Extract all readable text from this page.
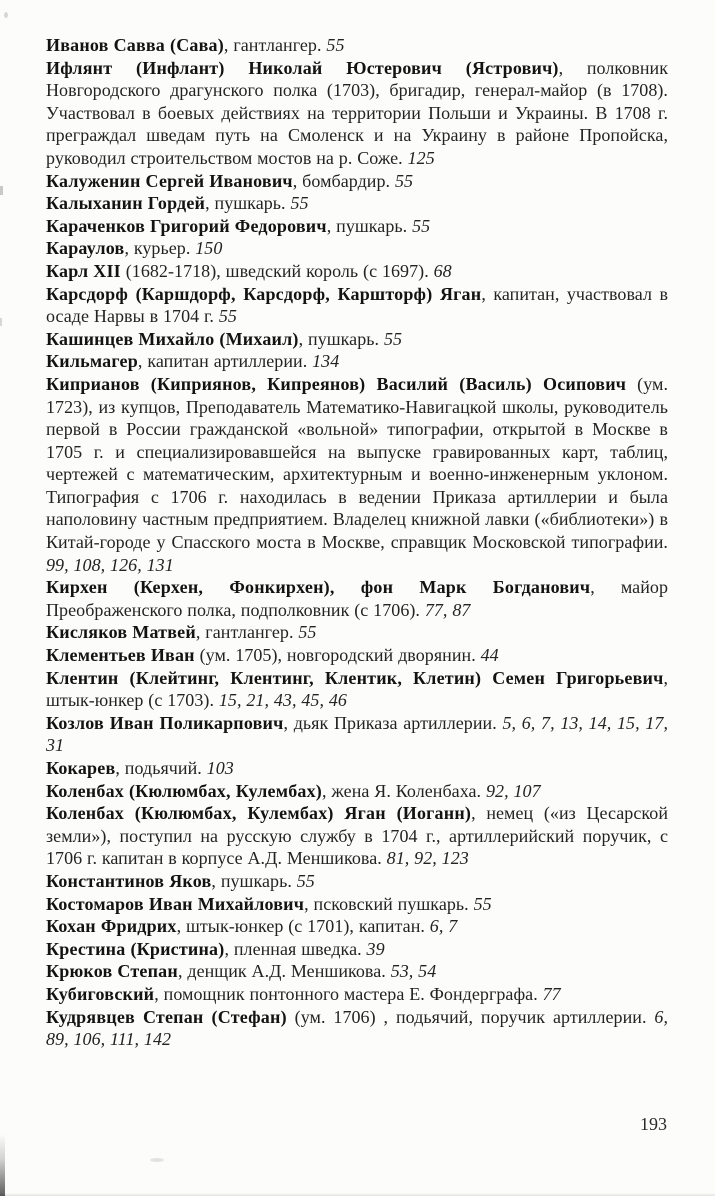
Иванов Савва (Сава), гантлангер. 55

Ифлянт (Инфлант) Николай Юстерович (Ястрович), полковник Новгородского драгунского полка (1703), бригадир, генерал-майор (в 1708). Участвовал в боевых действиях на территории Польши и Украины. В 1708 г. преграждал шведам путь на Смоленск и на Украину в районе Пропойска, руководил строительством мостов на р. Соже. 125

Калуженин Сергей Иванович, бомбардир. 55

Калыханин Гордей, пушкарь. 55

Караченков Григорий Федорович, пушкарь. 55

Караулов, курьер. 150

Карл XII (1682-1718), шведский король (с 1697). 68

Карсдорф (Каршдорф, Карсдорф, Каршторф) Яган, капитан, участвовал в осаде Нарвы в 1704 г. 55

Кашинцев Михайло (Михаил), пушкарь. 55

Кильмагер, капитан артиллерии. 134

Киприанов (Киприянов, Кипреянов) Василий (Василь) Осипович (ум. 1723), из купцов, Преподаватель Математико-Навигацкой школы, руководитель первой в России гражданской «вольной» типографии, открытой в Москве в 1705 г. и специализировавшейся на выпуске гравированных карт, таблиц, чертежей с математическим, архитектурным и военно-инженерным уклоном. Типография с 1706 г. находилась в ведении Приказа артиллерии и была наполовину частным предприятием. Владелец книжной лавки («библиотеки») в Китай-городе у Спасского моста в Москве, справщик Московской типографии. 99, 108, 126, 131

Кирхен (Керхен, Фонкирхен), фон Марк Богданович, майор Преображенского полка, подполковник (с 1706). 77, 87

Кисляков Матвей, гантлангер. 55

Клементьев Иван (ум. 1705), новгородский дворянин. 44

Клентин (Клейтинг, Клентинг, Клентик, Клетин) Семен Григорьевич, штык-юнкер (с 1703). 15, 21, 43, 45, 46

Козлов Иван Поликарпович, дьяк Приказа артиллерии. 5, 6, 7, 13, 14, 15, 17, 31

Кокарев, подьячий. 103

Коленбах (Кюлюмбах, Кулембах), жена Я. Коленбаха. 92, 107

Коленбах (Кюлюмбах, Кулембах) Яган (Иоганн), немец («из Цесарской земли»), поступил на русскую службу в 1704 г., артиллерийский поручик, с 1706 г. капитан в корпусе А.Д. Меншикова. 81, 92, 123

Константинов Яков, пушкарь. 55

Костомаров Иван Михайлович, псковский пушкарь. 55

Кохан Фридрих, штык-юнкер (с 1701), капитан. 6, 7

Крестина (Кристина), пленная шведка. 39

Крюков Степан, денщик А.Д. Меншикова. 53, 54

Кубиговский, помощник понтонного мастера Е. Фондерграфа. 77

Кудрявцев Степан (Стефан) (ум. 1706) , подьячий, поручик артиллерии. 6, 89, 106, 111, 142

193
